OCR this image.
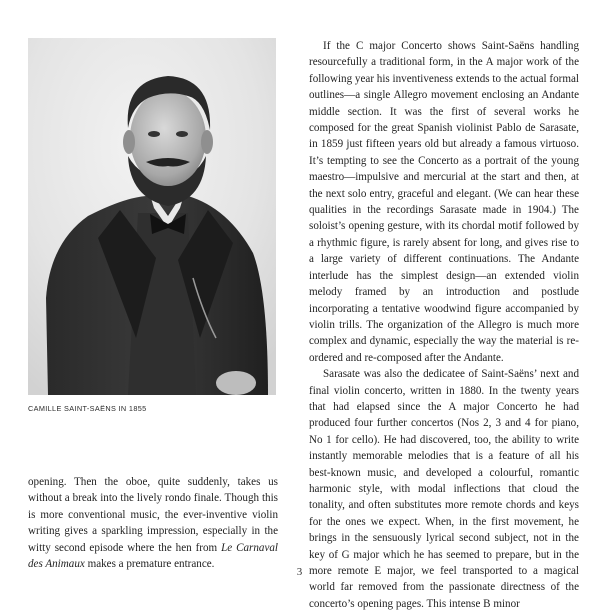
CAMILLE SAINT-SAËNS IN 1855

opening. Then the oboe, quite suddenly, takes us without a break into the lively rondo finale. Though this is more conventional music, the ever-inventive violin writing gives a sparkling impression, especially in the witty second episode where the hen from Le Carnaval des Animaux makes a premature entrance.

If the C major Concerto shows Saint-Saëns handling resourcefully a traditional form, in the A major work of the following year his inventiveness extends to the actual formal outlines—a single Allegro movement enclosing an Andante middle section. It was the first of several works he composed for the great Spanish violinist Pablo de Sarasate, in 1859 just fifteen years old but already a famous virtuoso. It’s tempting to see the Concerto as a portrait of the young maestro—impulsive and mercurial at the start and then, at the next solo entry, graceful and elegant. (We can hear these qualities in the recordings Sarasate made in 1904.) The soloist’s opening gesture, with its chordal motif followed by a rhythmic figure, is rarely absent for long, and gives rise to a large variety of different continuations. The Andante interlude has the simplest design—an extended violin melody framed by an introduction and postlude incorporating a tentative woodwind figure accompanied by violin trills. The organization of the Allegro is much more complex and dynamic, especially the way the material is re-ordered and re-composed after the Andante.

Sarasate was also the dedicatee of Saint-Saëns’ next and final violin concerto, written in 1880. In the twenty years that had elapsed since the A major Concerto he had produced four further concertos (Nos 2, 3 and 4 for piano, No 1 for cello). He had discovered, too, the ability to write instantly memorable melodies that is a feature of all his best-known music, and developed a colourful, romantic harmonic style, with modal inflections that cloud the tonality, and often substitutes more remote chords and keys for the ones we expect. When, in the first movement, he brings in the sensuously lyrical second subject, not in the key of G major which he has seemed to prepare, but in the more remote E major, we feel transported to a magical world far removed from the passionate directness of the concerto’s opening pages. This intense B minor

3
